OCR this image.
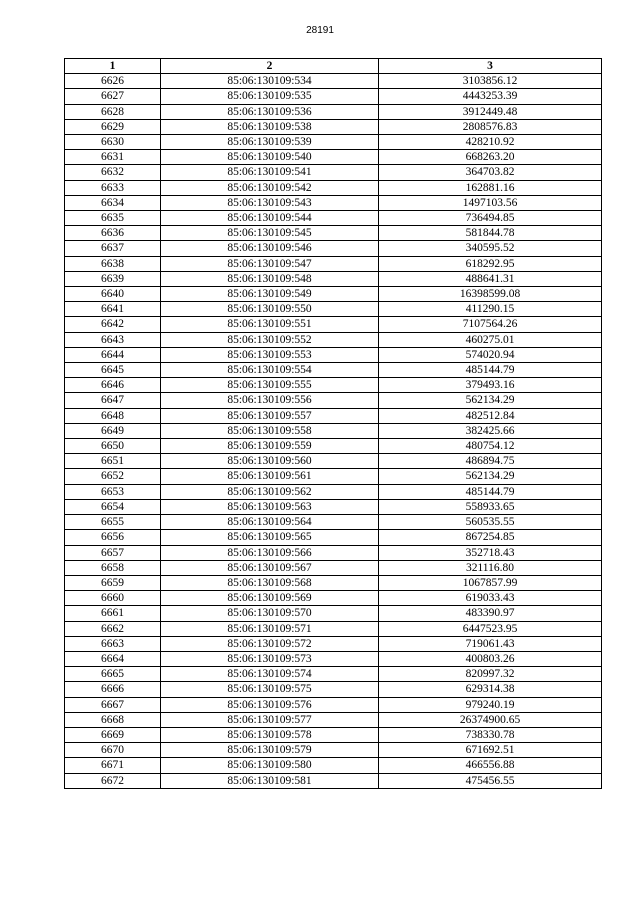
28191
1	2	3
6626	85:06:130109:534	3103856.12
6627	85:06:130109:535	4443253.39
6628	85:06:130109:536	3912449.48
6629	85:06:130109:538	2808576.83
6630	85:06:130109:539	428210.92
6631	85:06:130109:540	668263.20
6632	85:06:130109:541	364703.82
6633	85:06:130109:542	162881.16
6634	85:06:130109:543	1497103.56
6635	85:06:130109:544	736494.85
6636	85:06:130109:545	581844.78
6637	85:06:130109:546	340595.52
6638	85:06:130109:547	618292.95
6639	85:06:130109:548	488641.31
6640	85:06:130109:549	16398599.08
6641	85:06:130109:550	411290.15
6642	85:06:130109:551	7107564.26
6643	85:06:130109:552	460275.01
6644	85:06:130109:553	574020.94
6645	85:06:130109:554	485144.79
6646	85:06:130109:555	379493.16
6647	85:06:130109:556	562134.29
6648	85:06:130109:557	482512.84
6649	85:06:130109:558	382425.66
6650	85:06:130109:559	480754.12
6651	85:06:130109:560	486894.75
6652	85:06:130109:561	562134.29
6653	85:06:130109:562	485144.79
6654	85:06:130109:563	558933.65
6655	85:06:130109:564	560535.55
6656	85:06:130109:565	867254.85
6657	85:06:130109:566	352718.43
6658	85:06:130109:567	321116.80
6659	85:06:130109:568	1067857.99
6660	85:06:130109:569	619033.43
6661	85:06:130109:570	483390.97
6662	85:06:130109:571	6447523.95
6663	85:06:130109:572	719061.43
6664	85:06:130109:573	400803.26
6665	85:06:130109:574	820997.32
6666	85:06:130109:575	629314.38
6667	85:06:130109:576	979240.19
6668	85:06:130109:577	26374900.65
6669	85:06:130109:578	738330.78
6670	85:06:130109:579	671692.51
6671	85:06:130109:580	466556.88
6672	85:06:130109:581	475456.55
